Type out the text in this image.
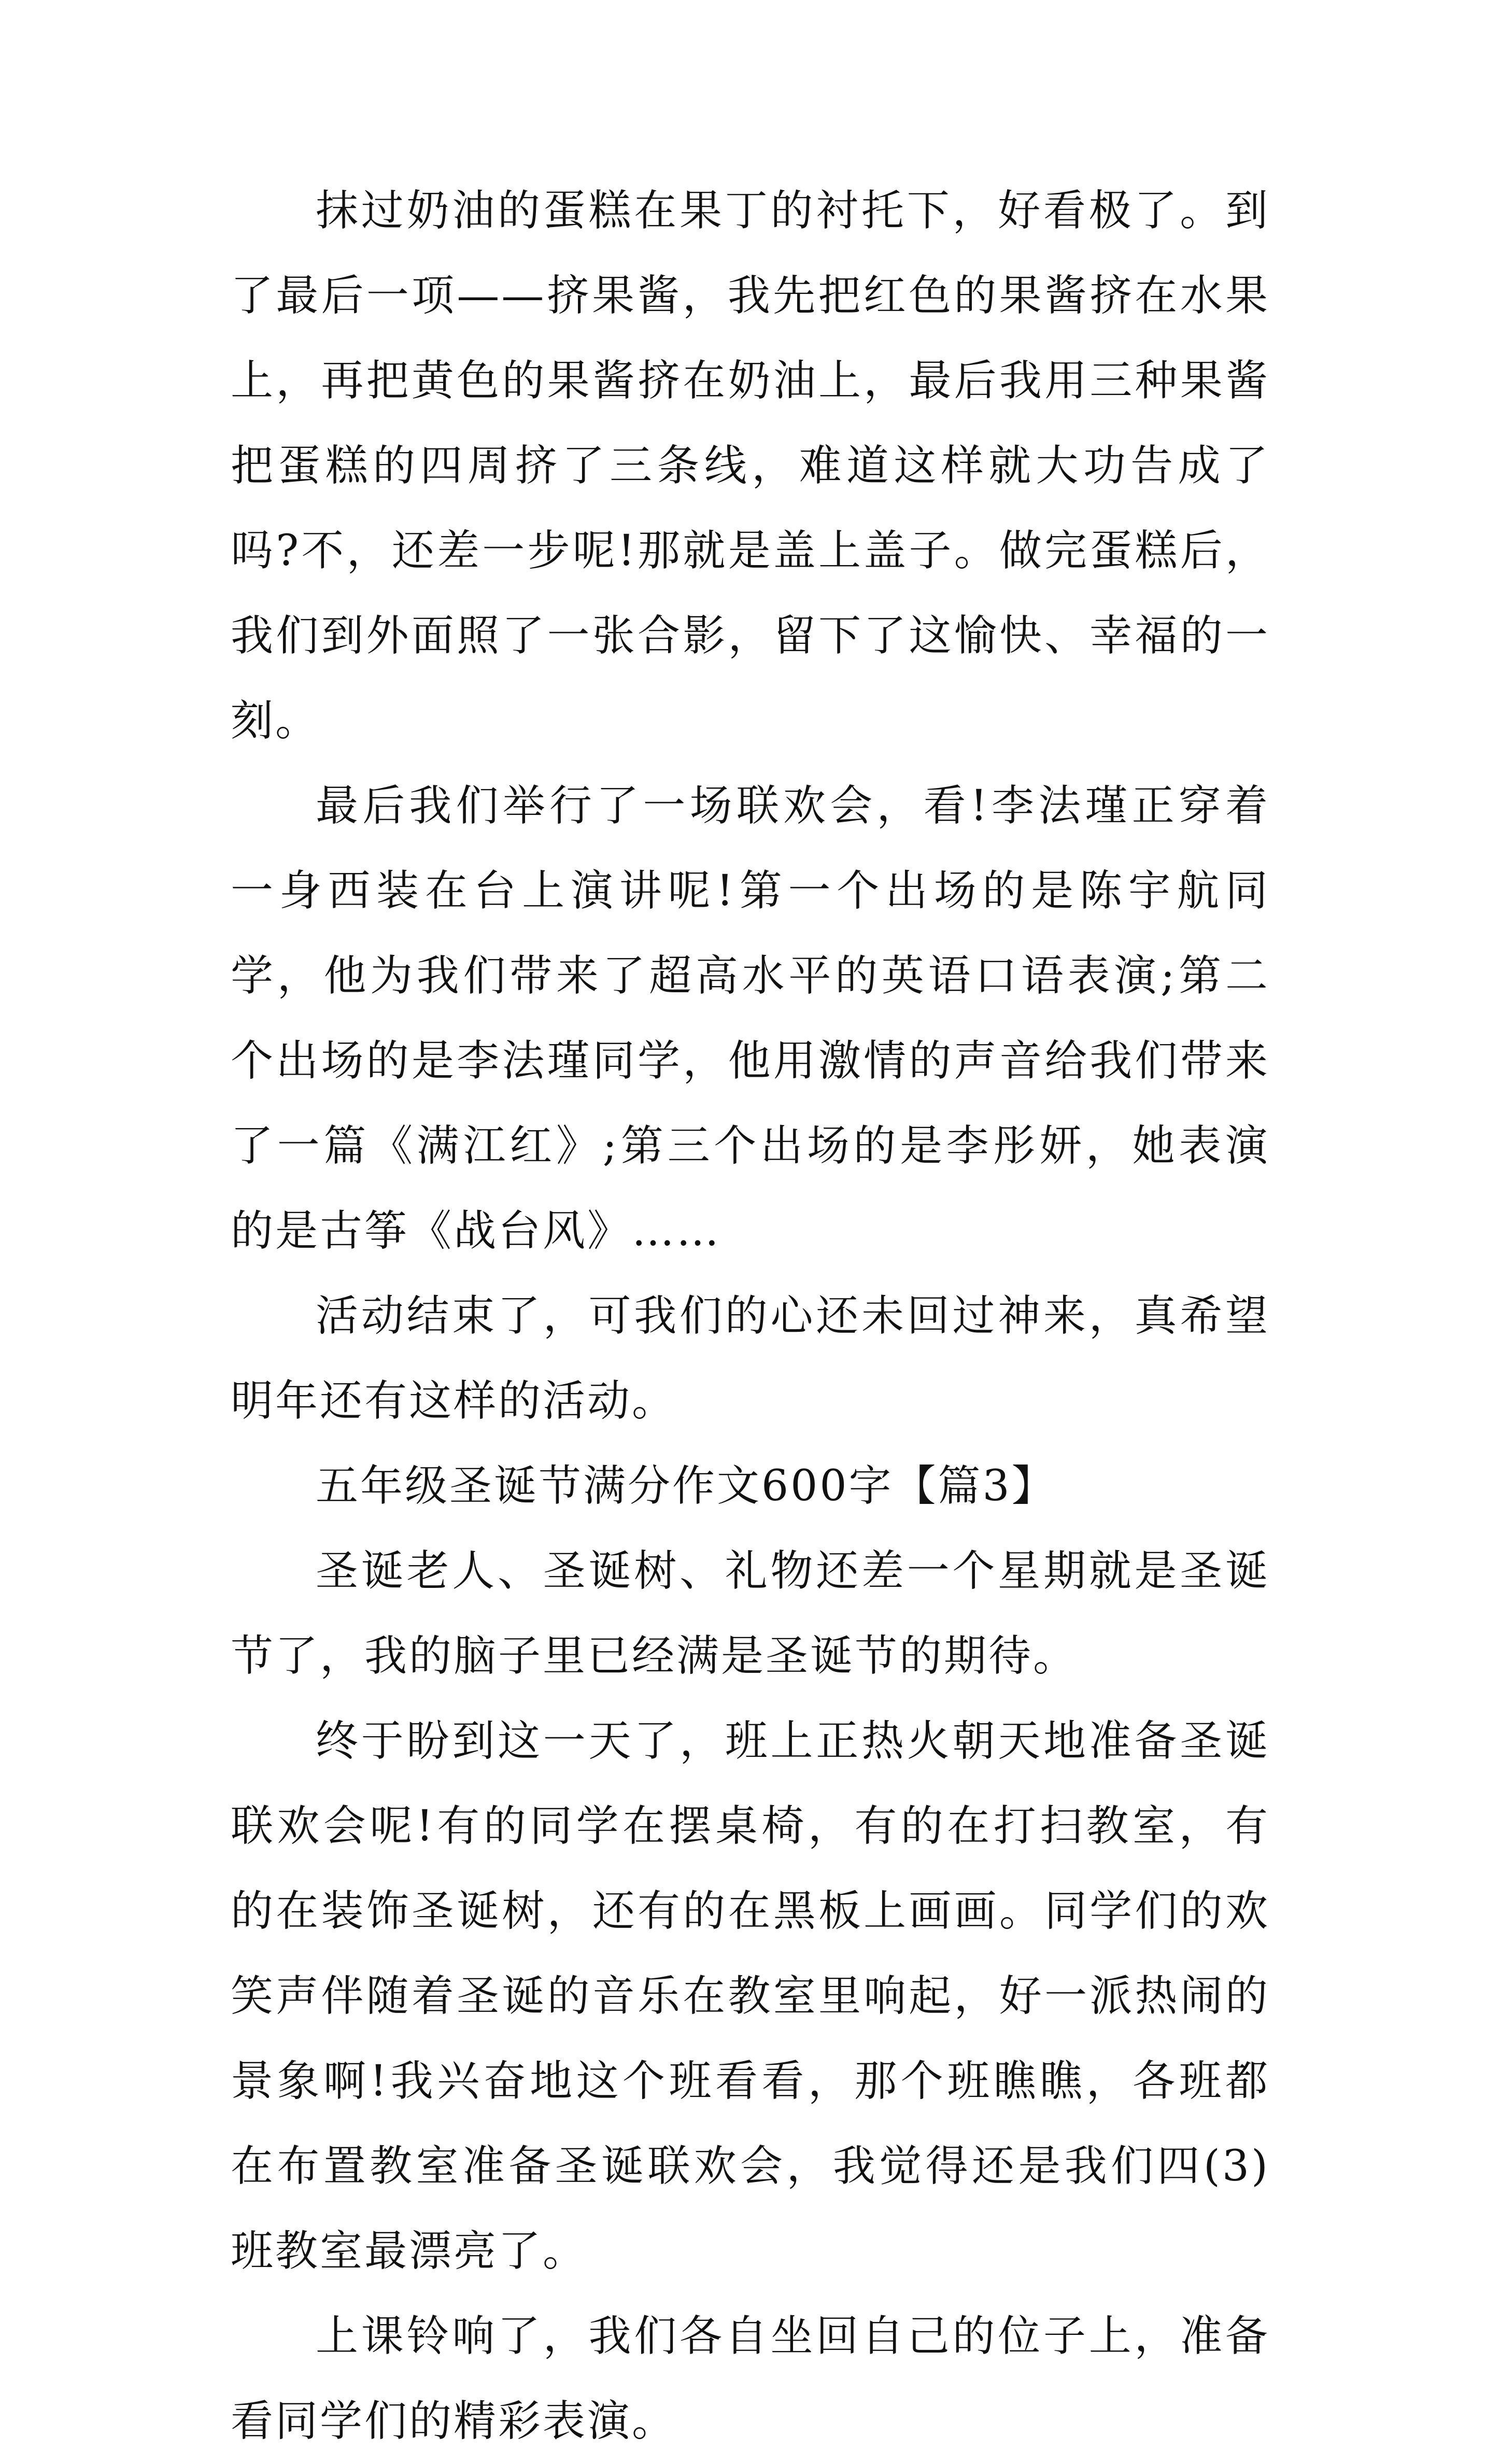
抹过奶油的蛋糕在果丁的衬托下，好看极了。到了最后一项——挤果酱，我先把红色的果酱挤在水果上，再把黄色的果酱挤在奶油上，最后我用三种果酱把蛋糕的四周挤了三条线，难道这样就大功告成了吗?不，还差一步呢!那就是盖上盖子。做完蛋糕后，我们到外面照了一张合影，留下了这愉快、幸福的一刻。

最后我们举行了一场联欢会，看!李法瑾正穿着一身西装在台上演讲呢!第一个出场的是陈宇航同学，他为我们带来了超高水平的英语口语表演;第二个出场的是李法瑾同学，他用激情的声音给我们带来了一篇《满江红》;第三个出场的是李彤妍，她表演的是古筝《战台风》……

活动结束了，可我们的心还未回过神来，真希望明年还有这样的活动。

五年级圣诞节满分作文600字【篇3】

圣诞老人、圣诞树、礼物还差一个星期就是圣诞节了，我的脑子里已经满是圣诞节的期待。

终于盼到这一天了，班上正热火朝天地准备圣诞联欢会呢!有的同学在摆桌椅，有的在打扫教室，有的在装饰圣诞树，还有的在黑板上画画。同学们的欢笑声伴随着圣诞的音乐在教室里响起，好一派热闹的景象啊!我兴奋地这个班看看，那个班瞧瞧，各班都在布置教室准备圣诞联欢会，我觉得还是我们四(3)班教室最漂亮了。

上课铃响了，我们各自坐回自己的位子上，准备看同学们的精彩表演。
